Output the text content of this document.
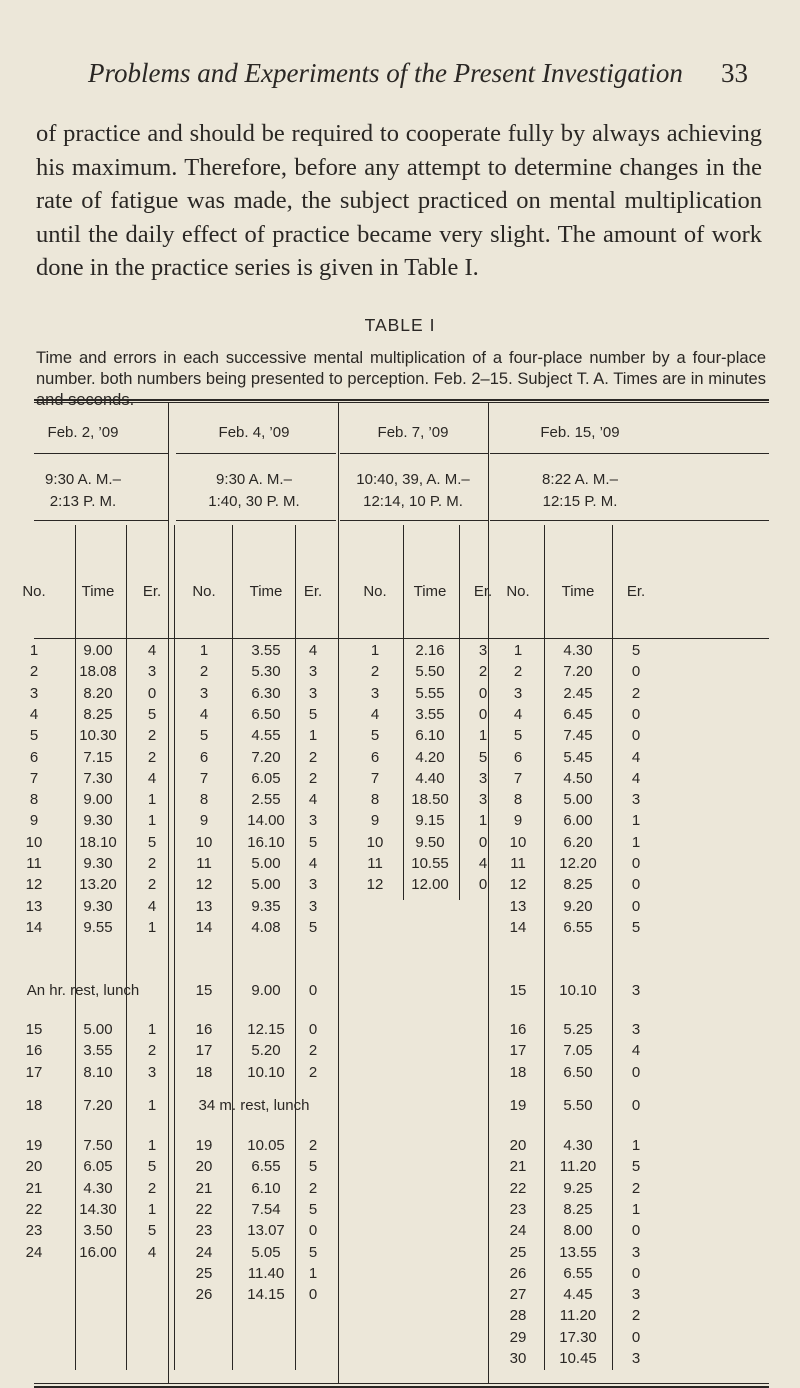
Problems and Experiments of the Present Investigation 33
of practice and should be required to cooperate fully by always achieving his maximum. Therefore, before any attempt to determine changes in the rate of fatigue was made, the subject practiced on mental multiplication until the daily effect of practice became very slight. The amount of work done in the practice series is given in Table I.
TABLE I
Time and errors in each successive mental multiplication of a four-place number by a four-place number. both numbers being presented to perception. Feb. 2–15. Subject T. A. Times are in minutes
Feb. 2, ’09
9:30 A. M.–
2:13 P. M.
No. Time Er.
1	9.00 4
2	18.08 3
3	8.20 0
4	8.25 5
5	10.30 2
6	7.15 2
7	7.30 4
8	9.00 1
9	9.30 1
10 18.10 5
11	9.30 2
12 13.20 2
13	9.30 4
14	9.55 1
15	5.00 1
16	3.55 2
17	8.10 3
18	7.20 1
19	7.50 1
20	6.05 5
21	4.30 2
22 14.30 1
23	3.50 5
24 16.00 4
An hr. rest, lunch
Feb. 4, ’09
9:30 A. M.–
1:40, 30 P. M.
No. Time Er.
1	3.55 4
2	5.30 3
3	6.30 3
4	6.50 5
5	4.55 1
6	7.20 2
7	6.05 2
8	2.55 4
9	14.00 3
10 16.10 5
11	5.00 4
12	5.00 3
13	9.35 3
14	4.08 5
15	9.00 0
16 12.15 0
17	5.20 2
18 10.10 2
19 10.05 2
20	6.55 5
21	6.10 2
22	7.54 5
23 13.07 0
24	5.05 5
25 11.40 1
26 14.15 0
34 m. rest, lunch
Feb. 7, ’09
10:40, 39, A. M.–
12:14, 10 P. M.
No. Time Er.
1 2.16 3
2 5.50 2
3 5.55 0
4 3.55 0
5 6.10 1
6 4.20 5
7 4.40 3
8 18.50 3
9 9.15 1
10 9.50 0
11 10.55 4
12 12.00 0
Feb. 15, ’09
8:22 A. M.–
12:15 P. M.
No. Time Er.
1	4.30	5
2	7.20	0
3	2.45	2
4	6.45	0
5	7.45	0
6	5.45	4
7	4.50	4
8	5.00	3
9	6.00	1
10 6.20	1
11 12.20 0
12 8.25	0
13 9.20	0
14 6.55	5
15 10.10 3
16 5.25	3
17 7.05	4
18 6.50	0
19 5.50	0
20 4.30	1
21 11.20 5
22 9.25	2
23 8.25	1
24 8.00	0
25 13.55 3
26 6.55	0
27 4.45	3
28 11.20 2
29 17.30 0
30 10.45 3
